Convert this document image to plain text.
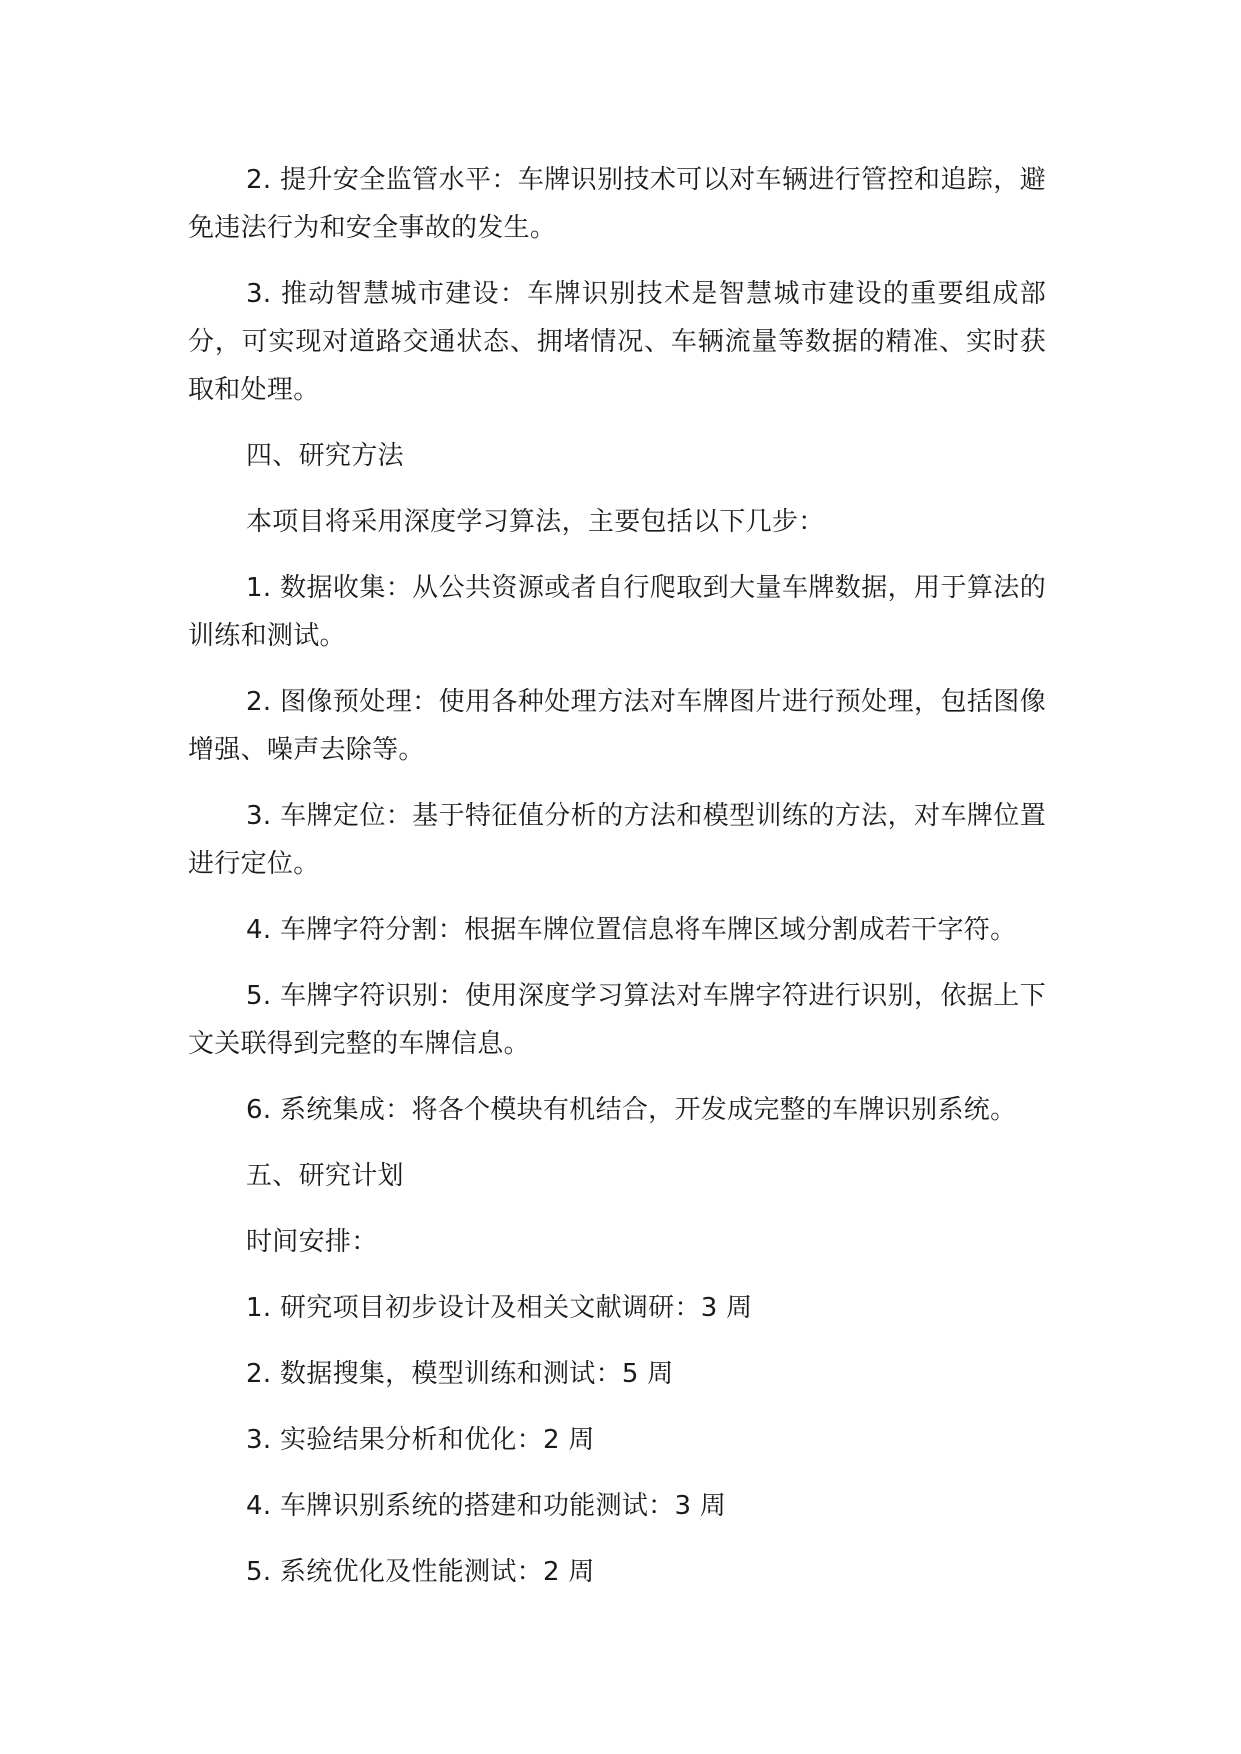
2. 提升安全监管水平：车牌识别技术可以对车辆进行管控和追踪，避免违法行为和安全事故的发生。

3. 推动智慧城市建设：车牌识别技术是智慧城市建设的重要组成部分，可实现对道路交通状态、拥堵情况、车辆流量等数据的精准、实时获取和处理。

四、研究方法

本项目将采用深度学习算法，主要包括以下几步：

1. 数据收集：从公共资源或者自行爬取到大量车牌数据，用于算法的训练和测试。

2. 图像预处理：使用各种处理方法对车牌图片进行预处理，包括图像增强、噪声去除等。

3. 车牌定位：基于特征值分析的方法和模型训练的方法，对车牌位置进行定位。

4. 车牌字符分割：根据车牌位置信息将车牌区域分割成若干字符。

5. 车牌字符识别：使用深度学习算法对车牌字符进行识别，依据上下文关联得到完整的车牌信息。

6. 系统集成：将各个模块有机结合，开发成完整的车牌识别系统。

五、研究计划

时间安排：

1. 研究项目初步设计及相关文献调研：3 周

2. 数据搜集，模型训练和测试：5 周

3. 实验结果分析和优化：2 周

4. 车牌识别系统的搭建和功能测试：3 周

5. 系统优化及性能测试：2 周
